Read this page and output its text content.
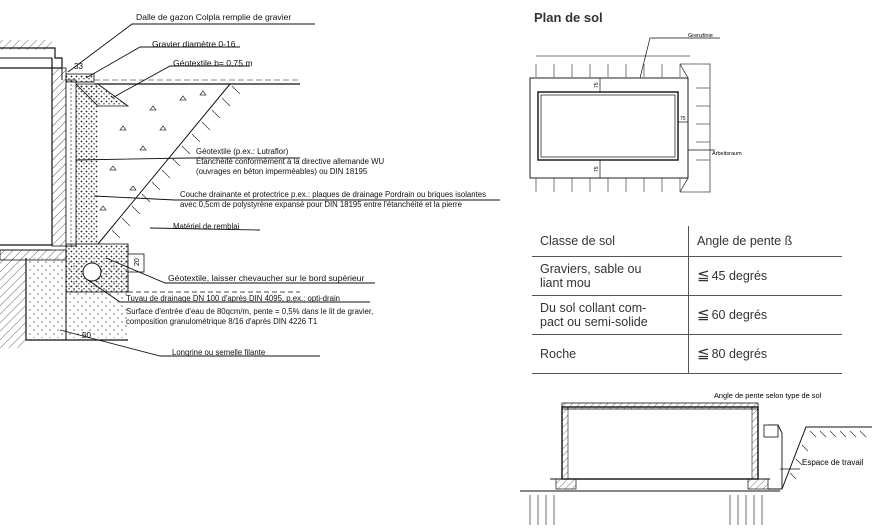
33
20
50
Dalle de gazon Colpla remplie de gravier
Gravier diamètre 0-16
Géotextile b= 0,75 m
Géotextile (p.ex.: Lutraflor)
Étanchéité conformément à la directive allemande WU
(ouvrages en béton imperméables) ou DIN 18195
Couche drainante et protectrice p.ex.: plaques de drainage Pordrain ou briques isolantes
avec 0,5cm de polystyrène expansé pour DIN 18195 entre l'étanchéité et la pierre
Matériel de remblai
Géotextile, laisser chevaucher sur le bord supérieur
Tuyau de drainage DN 100 d'après DIN 4095, p.ex.: opti-drain
Surface d'entrée d'eau de 80qcm/m, pente = 0,5% dans le lit de gravier,
composition granulométrique 8/16 d'après DIN 4226 T1
Longrine ou semelle filante
Plan de sol
75
75
75
Grenzlinie
Arbeitsraum
Classe de sol	Angle de pente ß

Graviers, sable ou
liant mou	≦ 45 degrés

Du sol collant com-
pact ou semi-solide	≦ 60 degrés

Roche	≦ 80 degrés
Angle de pente selon type de sol
Espace de travail
